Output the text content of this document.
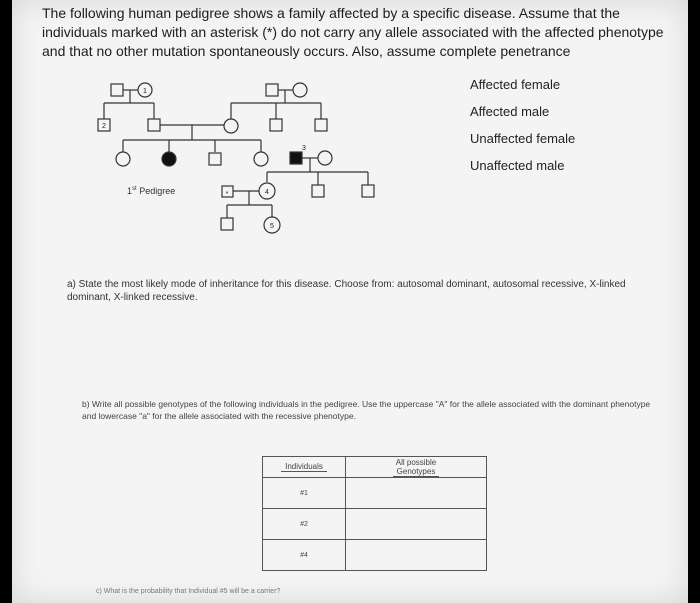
The following human pedigree shows a family affected by a specific disease. Assume that the
individuals marked with an asterisk (*) do not carry any allele associated with the affected phenotype
and that no other mutation spontaneously occurs. Also, assume complete penetrance
1
2
3
4
5
*
1st Pedigree
Affected female
Affected male
Unaffected female
Unaffected male
a) State the most likely mode of inheritance for this disease. Choose from: autosomal dominant, autosomal recessive, X-linked dominant, X-linked recessive.
b) Write all possible genotypes of the following individuals in the pedigree. Use the uppercase "A" for the allele associated with the dominant phenotype and lowercase "a" for the allele associated with the recessive phenotype.
Individuals	All possible
Genotypes
#1	
#2	
#4	
c) What is the probability that Individual #5 will be a carrier?
